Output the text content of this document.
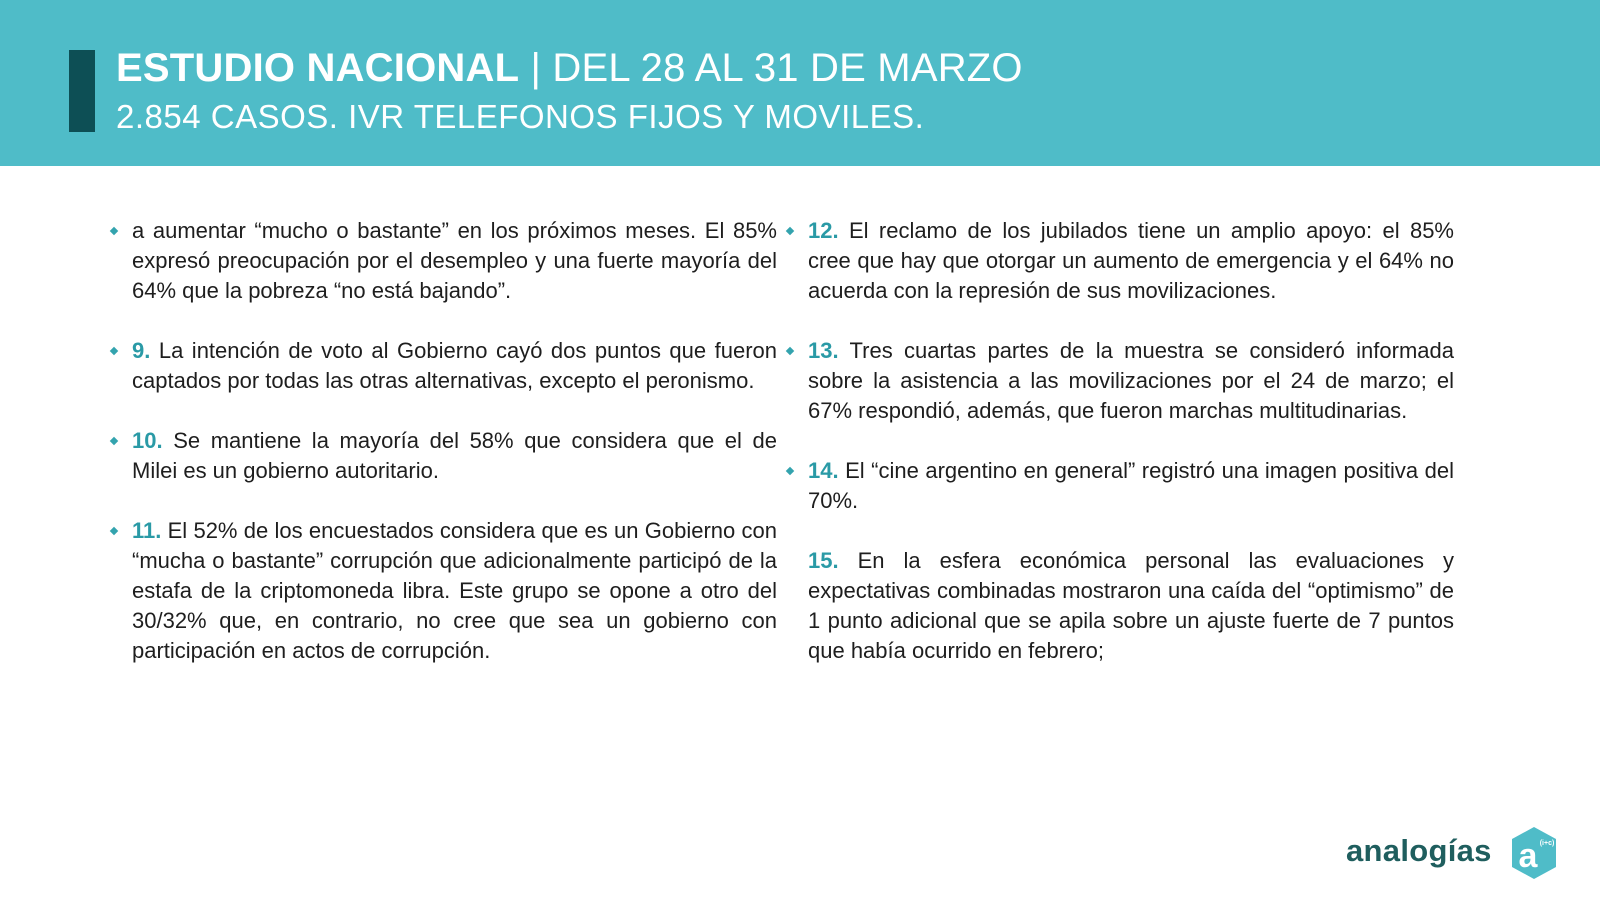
ESTUDIO NACIONAL | DEL 28 AL 31 DE MARZO
2.854 CASOS. IVR TELEFONOS FIJOS Y MOVILES.
a aumentar “mucho o bastante” en los próximos meses. El 85% expresó preocupación por el desempleo y una fuerte mayoría del 64% que la pobreza “no está bajando”.
9. La intención de voto al Gobierno cayó dos puntos que fueron captados por todas las otras alternativas, excepto el peronismo.
10. Se mantiene la mayoría del 58% que considera que el de Milei es un gobierno autoritario.
11. El 52% de los encuestados considera que es un Gobierno con “mucha o bastante” corrupción que adicionalmente participó de la estafa de la criptomoneda libra. Este grupo se opone a otro del 30/32% que, en contrario, no cree que sea un gobierno con participación en actos de corrupción.
12. El reclamo de los jubilados tiene un amplio apoyo: el 85% cree que hay que otorgar un aumento de emergencia y el 64% no acuerda con la represión de sus movilizaciones.
13. Tres cuartas partes de la muestra se consideró informada sobre la asistencia a las movilizaciones por el 24 de marzo; el 67% respondió, además, que fueron marchas multitudinarias.
14. El “cine argentino en general” registró una imagen positiva del 70%.
15. En la esfera económica personal las evaluaciones y expectativas combinadas mostraron una caída del “optimismo” de 1 punto adicional que se apila sobre un ajuste fuerte de 7 puntos que había ocurrido en febrero;
analogías a (i+c)
